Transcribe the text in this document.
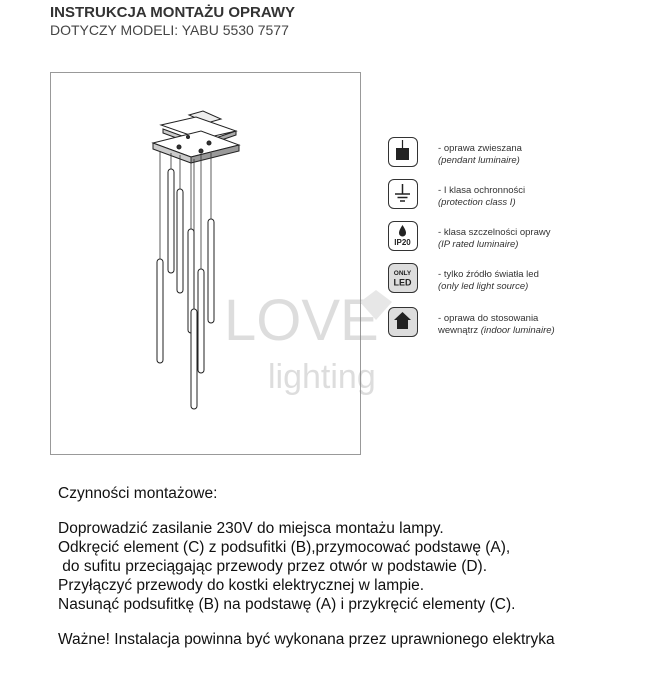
INSTRUKCJA MONTAŻU OPRAWY
DOTYCZY MODELI: YABU 5530 7577
LOVE
lighting
- oprawa zwieszana
(pendant luminaire)
- I klasa ochronności
(protection class I)
IP20
- klasa szczelności oprawy
(IP rated luminaire)
ONLY
LED
- tylko źródło światła led
(only led light source)
- oprawa do stosowania
wewnątrz (indoor luminaire)
Czynności montażowe:
Doprowadzić zasilanie 230V do miejsca montażu lampy.
Odkręcić element (C) z podsufitki (B),przymocować podstawę (A),
do sufitu przeciągając przewody przez otwór w podstawie (D).
Przyłączyć przewody do kostki elektrycznej w lampie.
Nasunąć podsufitkę (B) na podstawę (A) i przykręcić elementy (C).
Ważne! Instalacja powinna być wykonana przez uprawnionego elektryka
